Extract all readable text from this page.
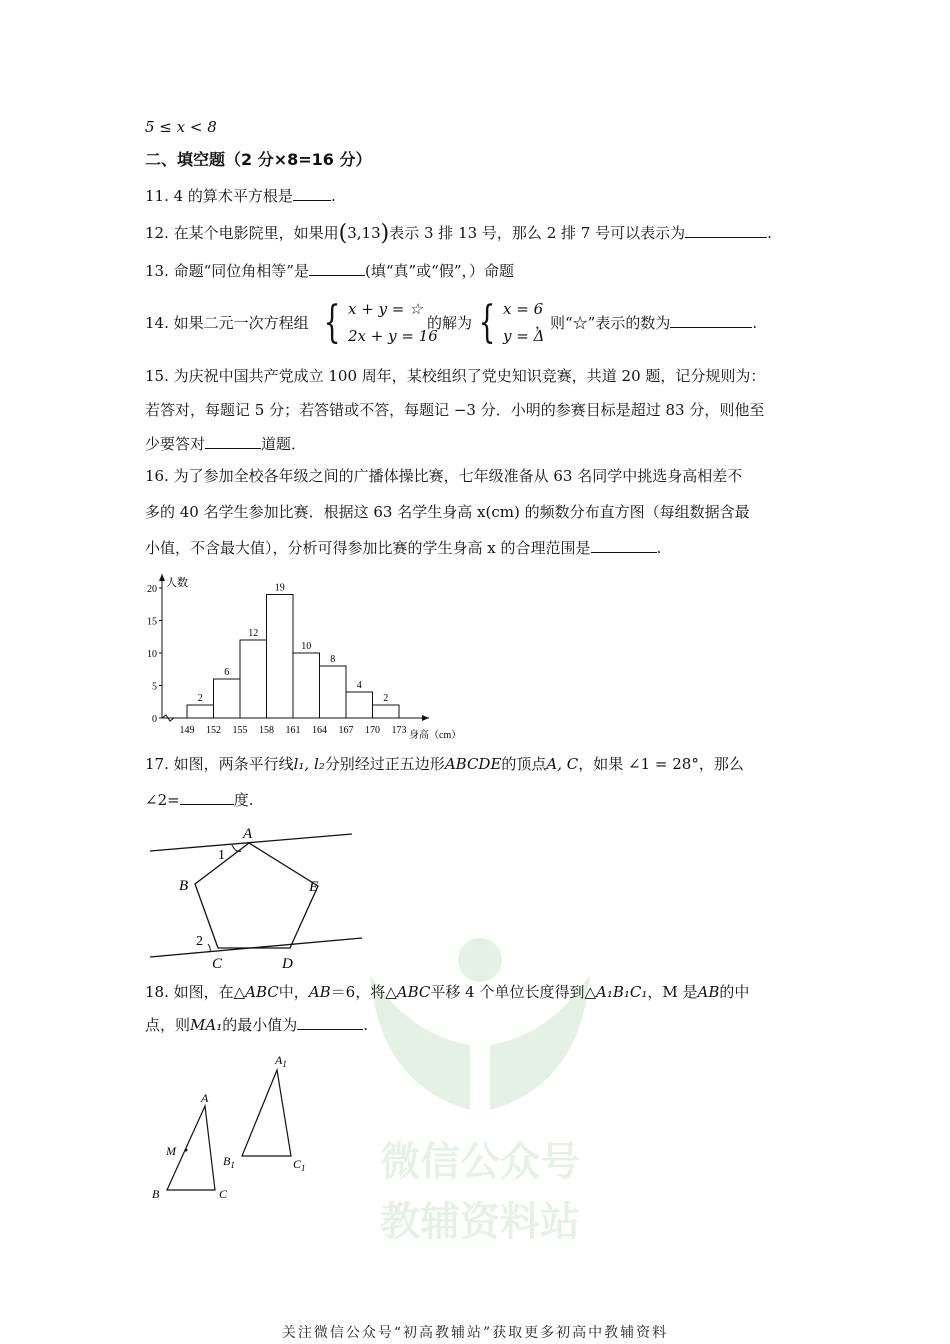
微信公众号
教辅资料站
5 ≤ x < 8
二、填空题（2 分×8=16 分）
11. 4 的算术平方根是	.
12. 在某个电影院里，如果用(3,13)表示 3 排 13 号，那么 2 排 7 号可以表示为	.
13. 命题“同位角相等”是	(填“真”或“假”，）命题
14. 如果二元一次方程组 { x + y = ☆
2x + y = 16
的解为 { x = 6
y = Δ
，则“☆”表示的数为	.
15. 为庆祝中国共产党成立 100 周年，某校组织了党史知识竞赛，共道 20 题，记分规则为：
若答对，每题记 5 分；若答错或不答，每题记 −3 分．小明的参赛目标是超过 83 分，则他至
少要答对	道题．
16. 为了参加全校各年级之间的广播体操比赛，七年级准备从 63 名同学中挑选身高相差不
多的 40 名学生参加比赛．根据这 63 名学生身高 x(cm) 的频数分布直方图（每组数据含最
小值，不含最大值），分析可得参加比赛的学生身高 x 的合理范围是	.
人数
身高（cm）
0
5
10
15
20
2
6
12
19
10
8
4
2
149 152 155 158 161 164 167 170 173
17. 如图，两条平行线l₁, l₂分别经过正五边形ABCDE的顶点A, C，如果 ∠1 = 28°，那么
∠2=	度.
A
B
C	D
E
1
2
18. 如图，在△ABC中，AB＝6，将△ABC平移 4 个单位长度得到△A₁B₁C₁，M 是AB的中
点，则MA₁的最小值为	.
A
M
B	C
$A_1$
$B_1$	$C_1$
关注微信公众号“初高教辅站”获取更多初高中教辅资料
